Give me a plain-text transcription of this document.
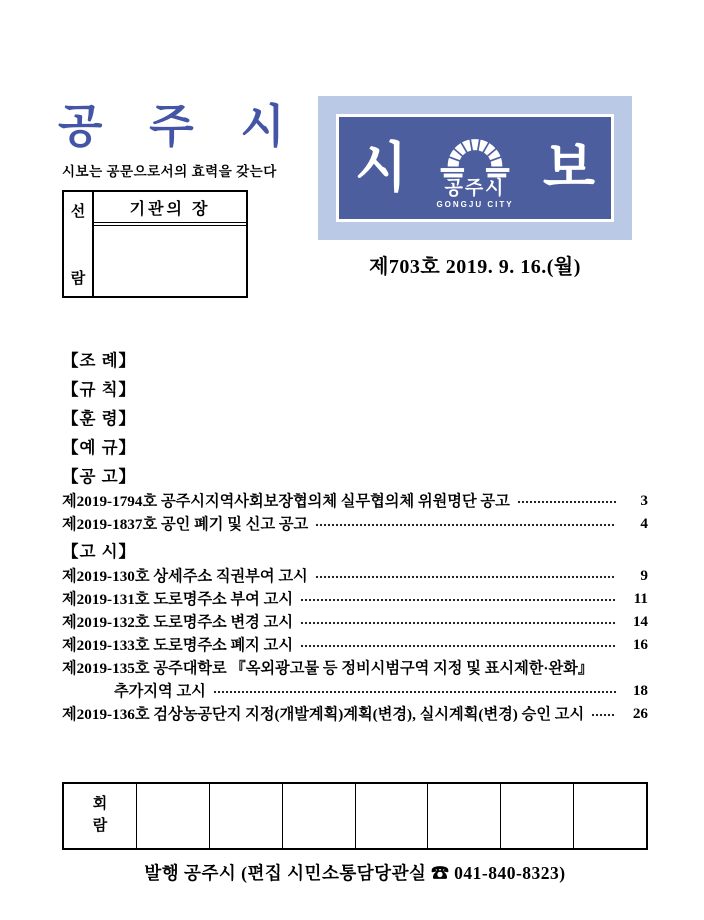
공 주 시
시보는 공문으로서의 효력을 갖는다
선
람
기관의 장
시 공주시
GONGJU CITY
보
제703호 2019. 9. 16.(월)
【조 례】
【규 칙】
【훈 령】
【예 규】
【공 고】
제2019-1794호 공주시지역사회보장협의체 실무협의체 위원명단 공고	3
제2019-1837호 공인 폐기 및 신고 공고	4
【고 시】
제2019-130호 상세주소 직권부여 고시	9
제2019-131호 도로명주소 부여 고시	11
제2019-132호 도로명주소 변경 고시	14
제2019-133호 도로명주소 폐지 고시	16
제2019-135호 공주대학로 『옥외광고물 등 정비시범구역 지정 및 표시제한·완화』
추가지역 고시	18
제2019-136호 검상농공단지 지정(개발계획)계획(변경), 실시계획(변경) 승인 고시	26
회
람
발행 공주시 (편집 시민소통담당관실 ☎ 041-840-8323)
